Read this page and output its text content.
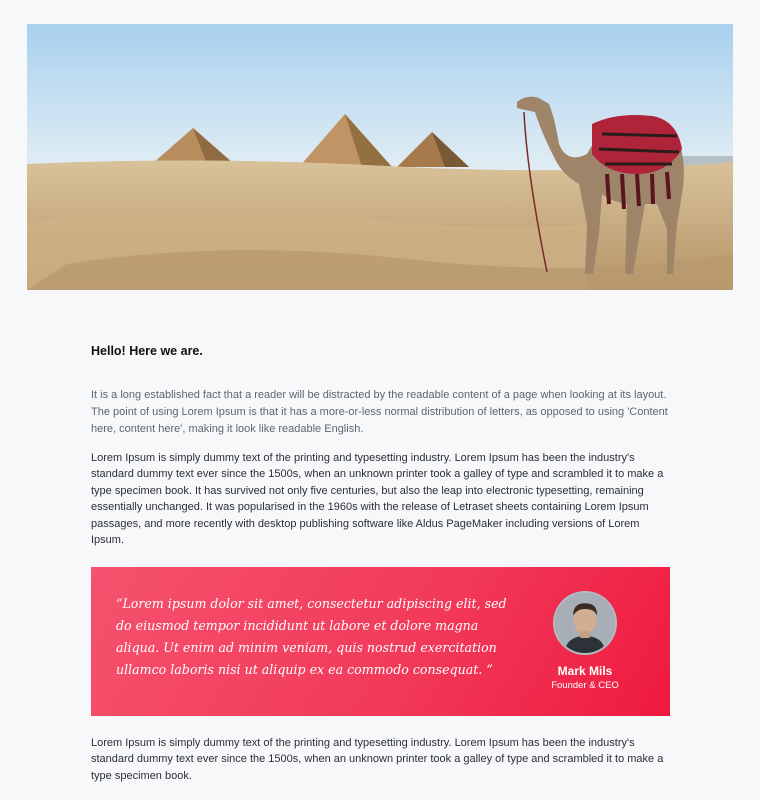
Hello! Here we are.

It is a long established fact that a reader will be distracted by the readable content of a page when looking at its layout. The point of using Lorem Ipsum is that it has a more-or-less normal distribution of letters, as opposed to using 'Content here, content here', making it look like readable English.

Lorem Ipsum is simply dummy text of the printing and typesetting industry. Lorem Ipsum has been the industry's standard dummy text ever since the 1500s, when an unknown printer took a galley of type and scrambled it to make a type specimen book. It has survived not only five centuries, but also the leap into electronic typesetting, remaining essentially unchanged. It was popularised in the 1960s with the release of Letraset sheets containing Lorem Ipsum passages, and more recently with desktop publishing software like Aldus PageMaker including versions of Lorem Ipsum.

“Lorem ipsum dolor sit amet, consectetur adipiscing elit, sed do eiusmod tempor incididunt ut labore et dolore magna aliqua. Ut enim ad minim veniam, quis nostrud exercitation ullamco laboris nisi ut aliquip ex ea commodo consequat. “	Mark Mils
Founder & CEO

Lorem Ipsum is simply dummy text of the printing and typesetting industry. Lorem Ipsum has been the industry's standard dummy text ever since the 1500s, when an unknown printer took a galley of type and scrambled it to make a type specimen book.
